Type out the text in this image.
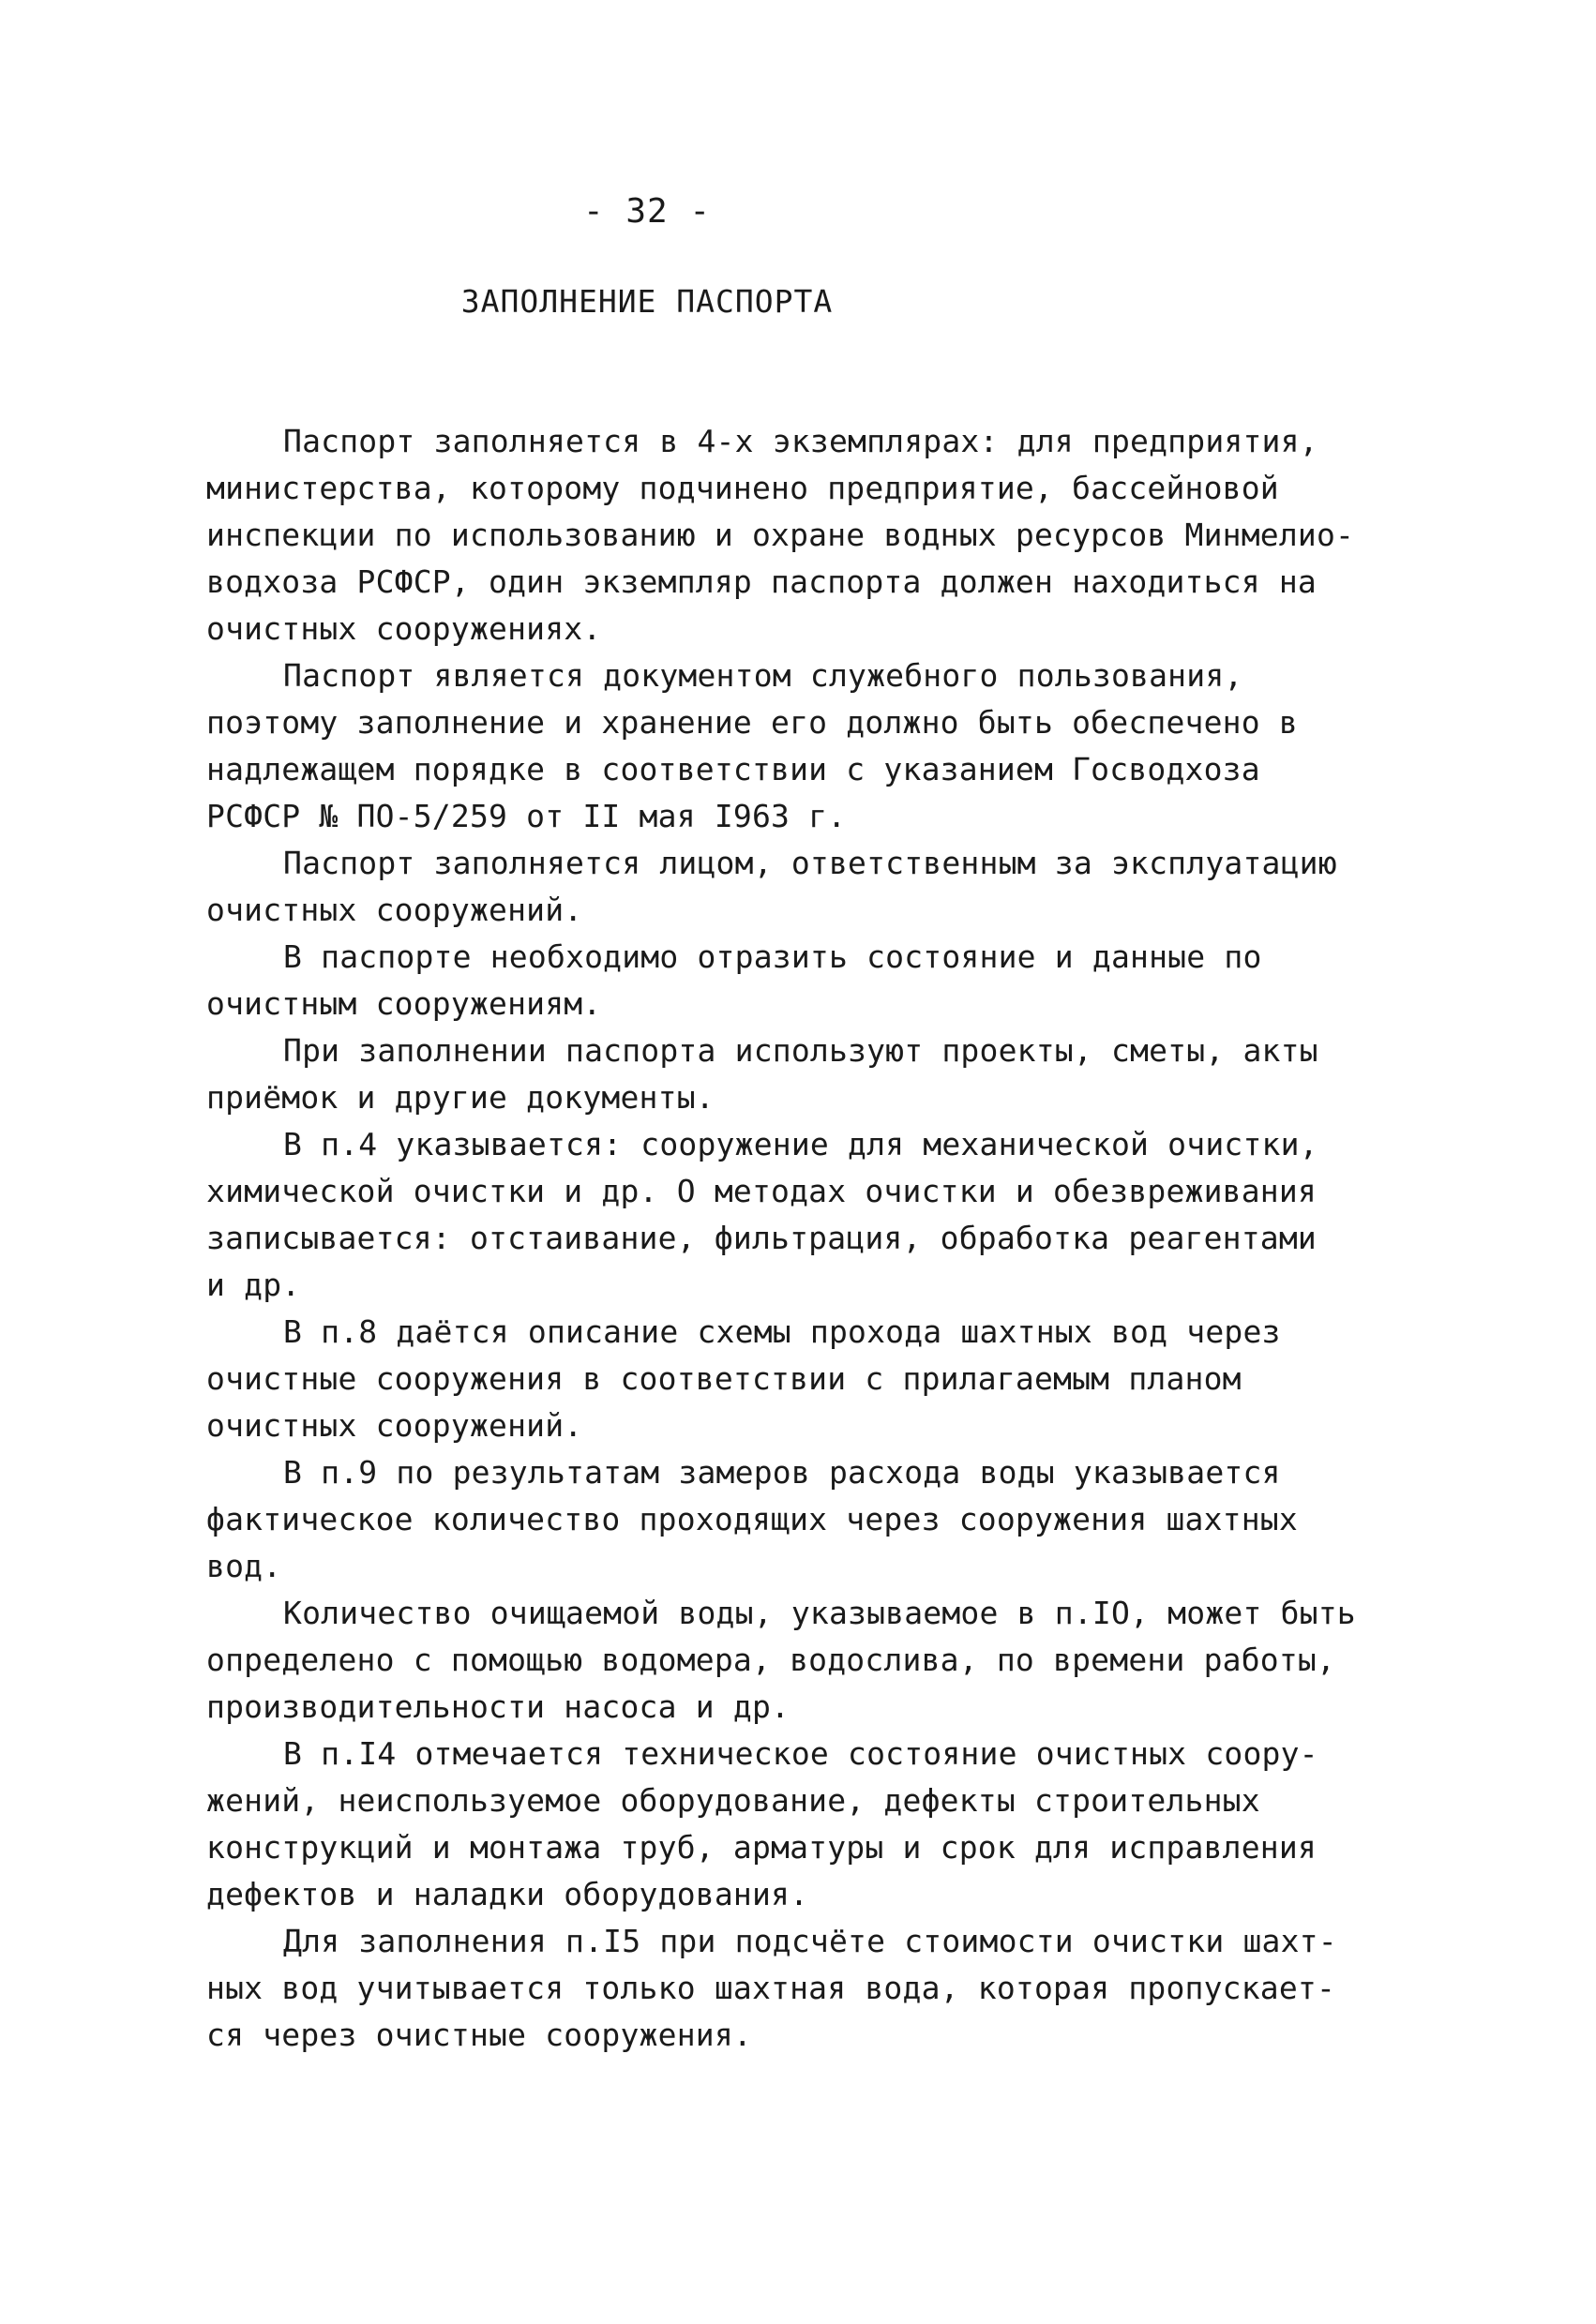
- 32 -
ЗАПОЛНЕНИЕ ПАСПОРТА
Паспорт заполняется в 4-х экземплярах: для предприятия,
министерства, которому подчинено предприятие, бассейновой
инспекции по использованию и охране водных ресурсов Минмелио-
водхоза РСФСР, один экземпляр паспорта должен находиться на
очистных сооружениях.
Паспорт является документом служебного пользования,
поэтому заполнение и хранение его должно быть обеспечено в
надлежащем порядке в соответствии с указанием Госводхоза
РСФСР № ПО-5/259 от II мая I963 г.
Паспорт заполняется лицом, ответственным за эксплуатацию
очистных сооружений.
В паспорте необходимо отразить состояние и данные по
очистным сооружениям.
При заполнении паспорта используют проекты, сметы, акты
приёмок и другие документы.
В п.4 указывается: сооружение для механической очистки,
химической очистки и др. О методах очистки и обезвреживания
записывается: отстаивание, фильтрация, обработка реагентами
и др.
В п.8 даётся описание схемы прохода шахтных вод через
очистные сооружения в соответствии с прилагаемым планом
очистных сооружений.
В п.9 по результатам замеров расхода воды указывается
фактическое количество проходящих через сооружения шахтных
вод.
Количество очищаемой воды, указываемое в п.IO, может быть
определено с помощью водомера, водослива, по времени работы,
производительности насоса и др.
В п.I4 отмечается техническое состояние очистных соору-
жений, неиспользуемое оборудование, дефекты строительных
конструкций и монтажа труб, арматуры и срок для исправления
дефектов и наладки оборудования.
Для заполнения п.I5 при подсчёте стоимости очистки шахт-
ных вод учитывается только шахтная вода, которая пропускает-
ся через очистные сооружения.
